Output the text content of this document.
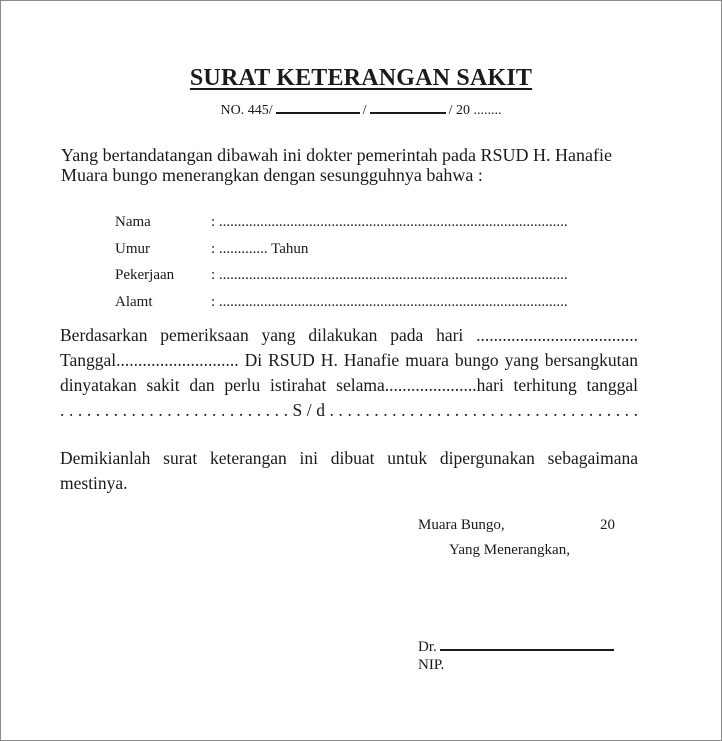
SURAT KETERANGAN SAKIT
NO. 445/	/	/ 20 ........
Yang bertandatangan dibawah ini dokter pemerintah pada RSUD H. Hanafie
Muara bungo menerangkan dengan sesungguhnya bahwa :
Nama	: .............................................................................................
Umur	: ............. Tahun
Pekerjaan	: .............................................................................................
Alamt	: .............................................................................................
Berdasarkan pemeriksaan yang dilakukan pada hari .....................................
Tanggal............................ Di RSUD H. Hanafie muara bungo yang bersangkutan
dinyatakan sakit dan perlu istirahat selama.....................hari terhitung tanggal
. . . . . . . . . . . . . . . . . . . . . . . . . . S / d . . . . . . . . . . . . . . . . . . . . . . . . . . . . . . . . . . .
Demikianlah surat keterangan ini dibuat untuk dipergunakan sebagaimana
mestinya.
Muara Bungo,	20
Yang Menerangkan,
Dr.
NIP.
